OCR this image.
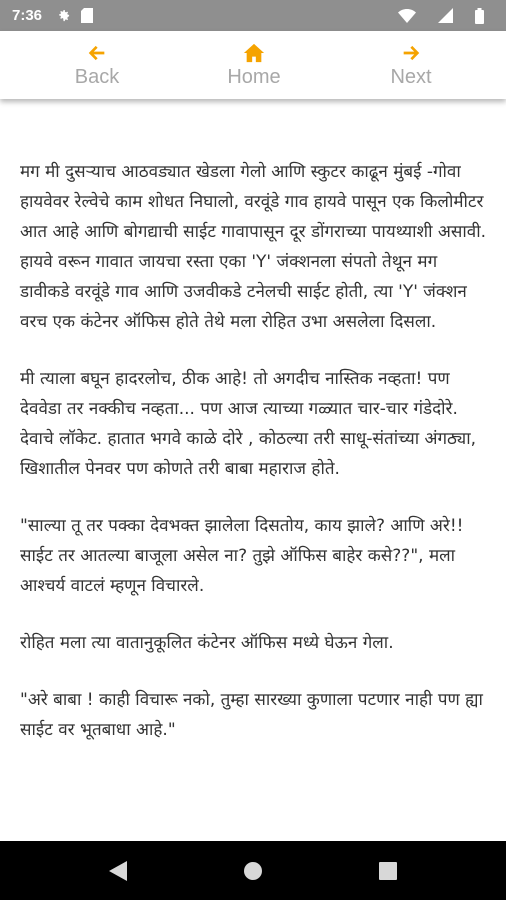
7:36
Back	Home	Next

मग मी दुसऱ्याच आठवड्यात खेडला गेलो आणि स्कुटर काढून मुंबई -गोवा हायवेवर रेल्वेचे काम शोधत निघालो, वरवूंडे गाव हायवे पासून एक किलोमीटर आत आहे आणि बोगद्याची साईट गावापासून दूर डोंगराच्या पायथ्याशी असावी. हायवे वरून गावात जायचा रस्ता एका 'Y' जंक्शनला संपतो तेथून मग डावीकडे वरवूंडे गाव आणि उजवीकडे टनेलची साईट होती, त्या 'Y' जंक्शन वरच एक कंटेनर ऑफिस होते तेथे मला रोहित उभा असलेला दिसला.

मी त्याला बघून हादरलोच, ठीक आहे! तो अगदीच नास्तिक नव्हता! पण देववेडा तर नक्कीच नव्हता... पण आज त्याच्या गळ्यात चार-चार गंडेदोरे. देवाचे लॉकेट. हातात भगवे काळे दोरे , कोठल्या तरी साधू-संतांच्या अंगठ्या, खिशातील पेनवर पण कोणते तरी बाबा महाराज होते.

"साल्या तू तर पक्का देवभक्त झालेला दिसतोय, काय झाले? आणि अरे!! साईट तर आतल्या बाजूला असेल ना? तुझे ऑफिस बाहेर कसे??", मला आश्चर्य वाटलं म्हणून विचारले.

रोहित मला त्या वातानुकूलित कंटेनर ऑफिस मध्ये घेऊन गेला.

"अरे बाबा ! काही विचारू नको, तुम्हा सारख्या कुणाला पटणार नाही पण ह्या साईट वर भूतबाधा आहे."
